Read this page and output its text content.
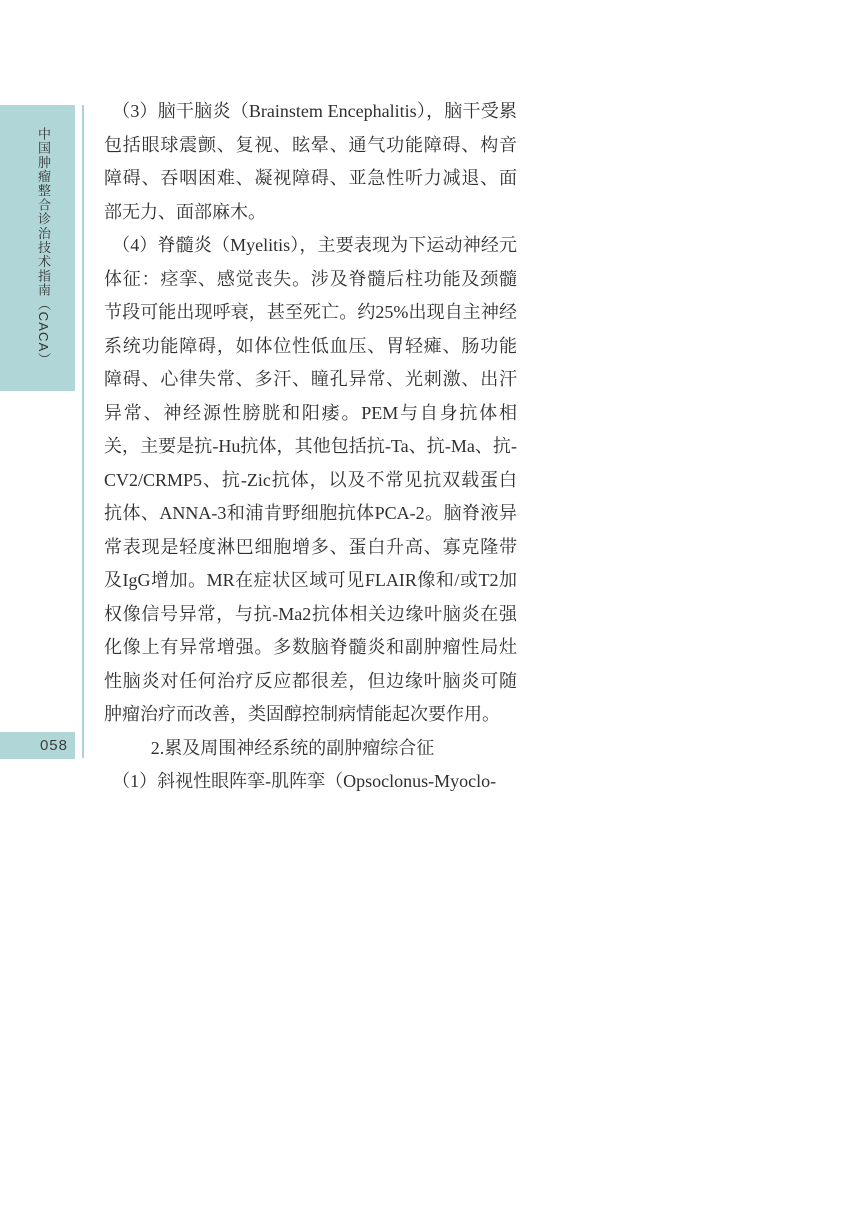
中国肿瘤整合诊治技术指南（CACA）
058

（3）脑干脑炎（Brainstem Encephalitis），脑干受累包括眼球震颤、复视、眩晕、通气功能障碍、构音障碍、吞咽困难、凝视障碍、亚急性听力减退、面部无力、面部麻木。

（4）脊髓炎（Myelitis），主要表现为下运动神经元体征：痉挛、感觉丧失。涉及脊髓后柱功能及颈髓节段可能出现呼衰，甚至死亡。约25%出现自主神经系统功能障碍，如体位性低血压、胃轻瘫、肠功能障碍、心律失常、多汗、瞳孔异常、光刺激、出汗异常、神经源性膀胱和阳痿。PEM与自身抗体相关，主要是抗-Hu抗体，其他包括抗-Ta、抗-Ma、抗-CV2/CRMP5、抗-Zic抗体，以及不常见抗双载蛋白抗体、ANNA-3和浦肯野细胞抗体PCA-2。脑脊液异常表现是轻度淋巴细胞增多、蛋白升高、寡克隆带及IgG增加。MR在症状区域可见FLAIR像和/或T2加权像信号异常，与抗-Ma2抗体相关边缘叶脑炎在强化像上有异常增强。多数脑脊髓炎和副肿瘤性局灶性脑炎对任何治疗反应都很差，但边缘叶脑炎可随肿瘤治疗而改善，类固醇控制病情能起次要作用。

2.累及周围神经系统的副肿瘤综合征

（1）斜视性眼阵挛-肌阵挛（Opsoclonus-Myoclo-
